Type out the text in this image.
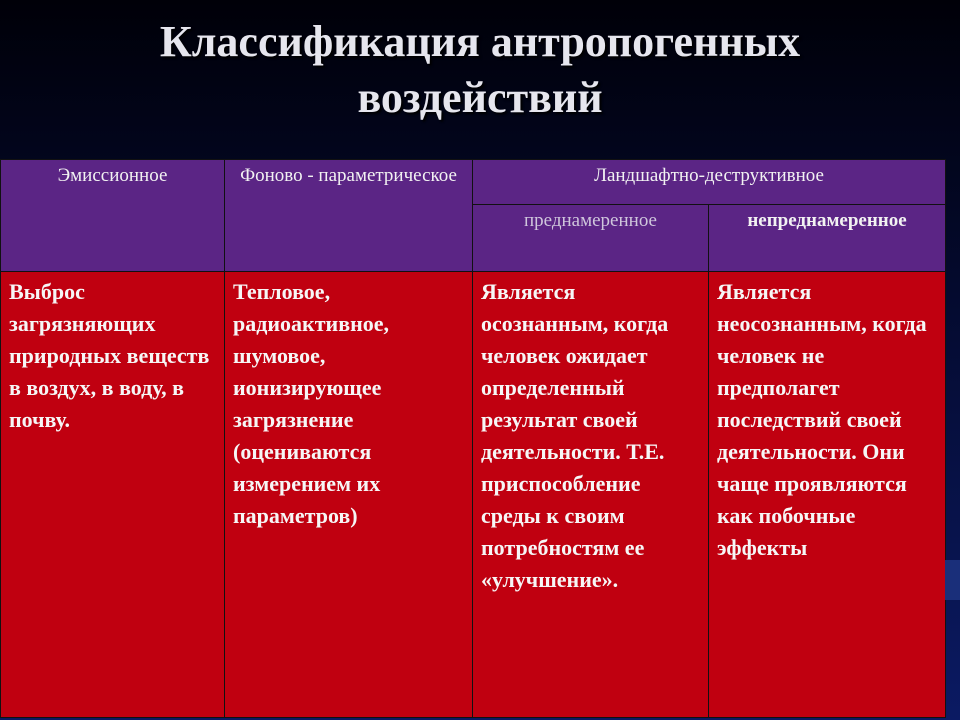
Классификация антропогенных
воздействий
Эмиссионное	Фоново - параметрическое	Ландшафтно-деструктивное	

		преднамеренное	непреднамеренное

Выброс загрязняющих природных веществ в воздух, в воду, в почву.	Тепловое, радиоактивное, шумовое, ионизирующее загрязнение (оцениваются измерением их параметров)	Является осознанным, когда человек ожидает определенный результат своей деятельности. Т.Е. приспособление среды к своим потребностям ее «улучшение».	Является неосознанным, когда человек не предполагет последствий своей деятельности. Они чаще проявляются как побочные эффекты
